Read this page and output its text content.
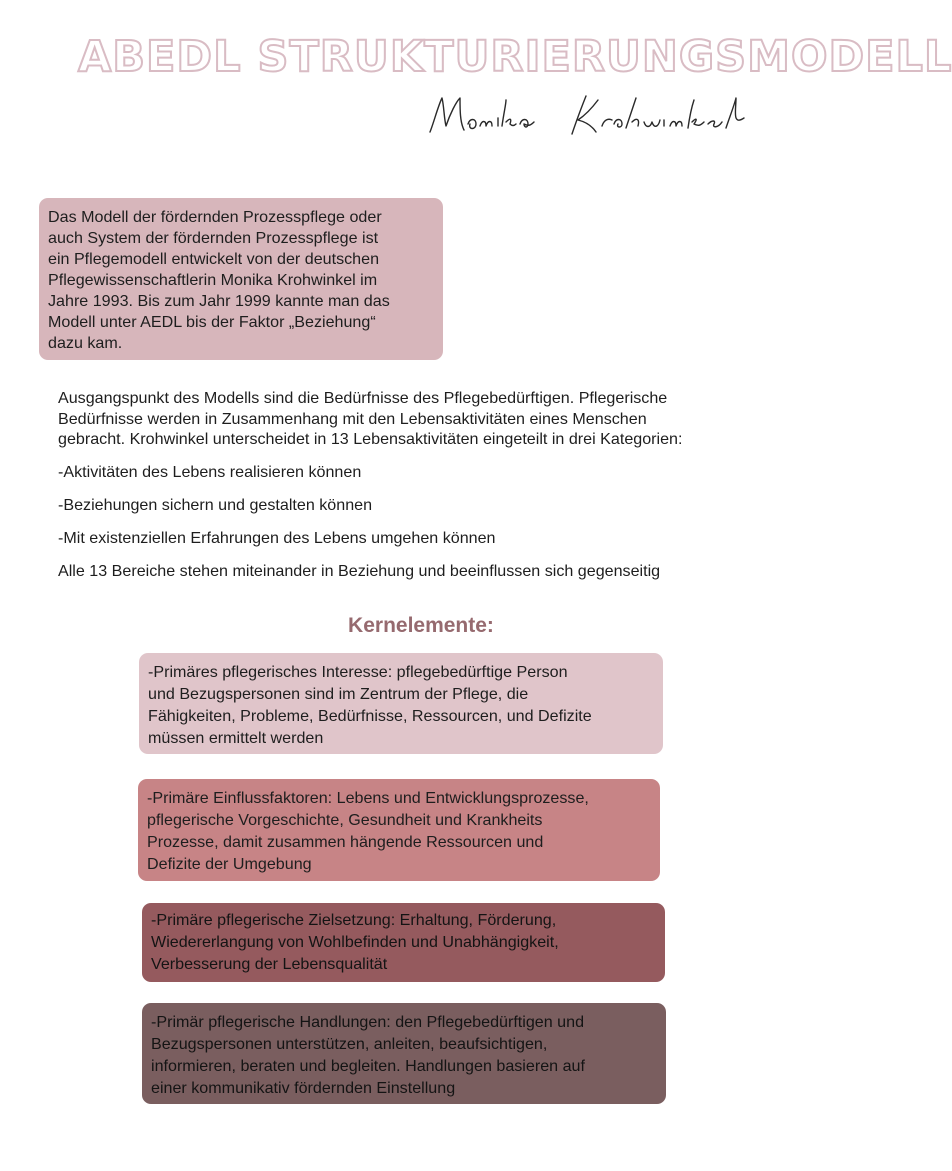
ABEDL STRUKTURIERUNGSMODELL
Das Modell der fördernden Prozesspflege oder
auch System der fördernden Prozesspflege ist
ein Pflegemodell entwickelt von der deutschen
Pflegewissenschaftlerin Monika Krohwinkel im
Jahre 1993. Bis zum Jahr 1999 kannte man das
Modell unter AEDL bis der Faktor „Beziehung“
dazu kam.

Ausgangspunkt des Modells sind die Bedürfnisse des Pflegebedürftigen. Pflegerische

Bedürfnisse werden in Zusammenhang mit den Lebensaktivitäten eines Menschen

gebracht. Krohwinkel unterscheidet in 13 Lebensaktivitäten eingeteilt in drei Kategorien:

-Aktivitäten des Lebens realisieren können

-Beziehungen sichern und gestalten können

-Mit existenziellen Erfahrungen des Lebens umgehen können

Alle 13 Bereiche stehen miteinander in Beziehung und beeinflussen sich gegenseitig

Kernelemente:
-Primäres pflegerisches Interesse: pflegebedürftige Person
und Bezugspersonen sind im Zentrum der Pflege, die
Fähigkeiten, Probleme, Bedürfnisse, Ressourcen, und Defizite
müssen ermittelt werden
-Primäre Einflussfaktoren: Lebens und Entwicklungsprozesse,
pflegerische Vorgeschichte, Gesundheit und Krankheits
Prozesse, damit zusammen hängende Ressourcen und
Defizite der Umgebung
-Primäre pflegerische Zielsetzung: Erhaltung, Förderung,
Wiedererlangung von Wohlbefinden und Unabhängigkeit,
Verbesserung der Lebensqualität
-Primär pflegerische Handlungen: den Pflegebedürftigen und
Bezugspersonen unterstützen, anleiten, beaufsichtigen,
informieren, beraten und begleiten. Handlungen basieren auf
einer kommunikativ fördernden Einstellung
